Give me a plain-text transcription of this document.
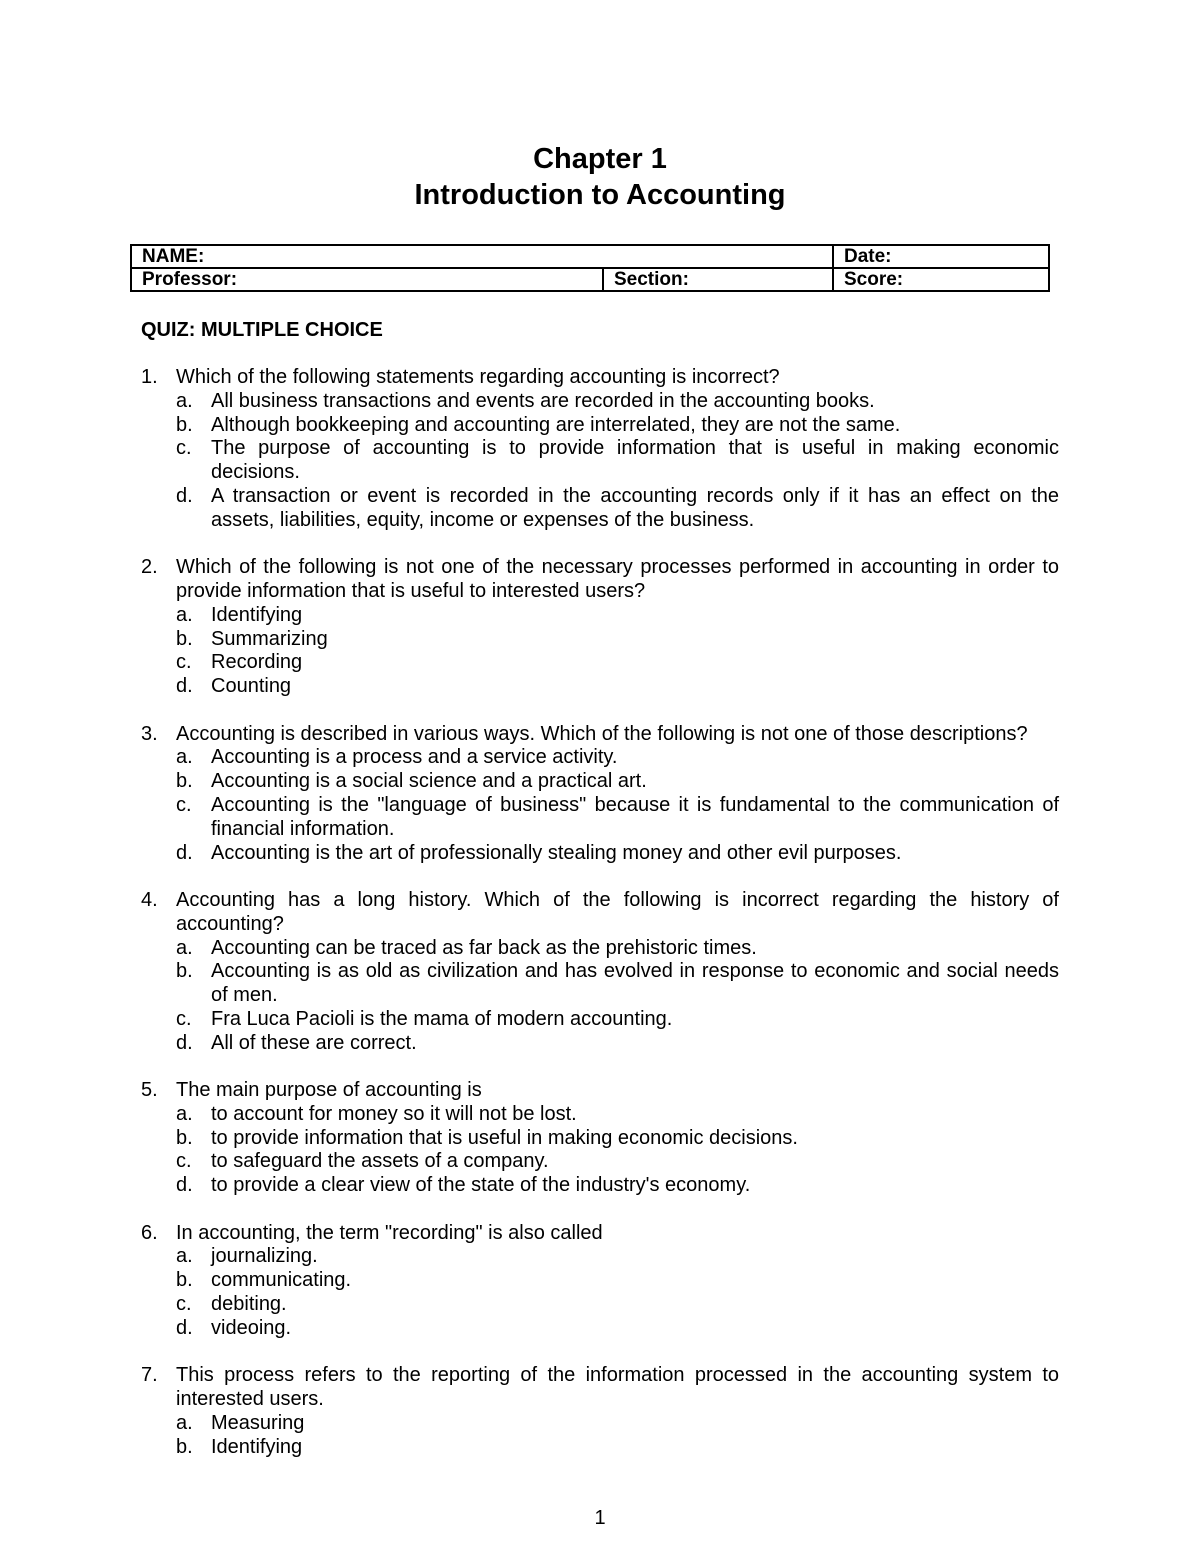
Chapter 1
Introduction to Accounting
NAME:		Date:
Professor:	Section:	Score:
QUIZ: MULTIPLE CHOICE
1. Which of the following statements regarding accounting is incorrect?
a. All business transactions and events are recorded in the accounting books.
b. Although bookkeeping and accounting are interrelated, they are not the same.
c. The purpose of accounting is to provide information that is useful in making economic decisions.
d. A transaction or event is recorded in the accounting records only if it has an effect on the assets, liabilities, equity, income or expenses of the business.
2. Which of the following is not one of the necessary processes performed in accounting in order to provide information that is useful to interested users?
a. Identifying
b. Summarizing
c. Recording
d. Counting
3. Accounting is described in various ways. Which of the following is not one of those descriptions?
a. Accounting is a process and a service activity.
b. Accounting is a social science and a practical art.
c. Accounting is the "language of business" because it is fundamental to the communication of financial information.
d. Accounting is the art of professionally stealing money and other evil purposes.
4. Accounting has a long history. Which of the following is incorrect regarding the history of accounting?
a. Accounting can be traced as far back as the prehistoric times.
b. Accounting is as old as civilization and has evolved in response to economic and social needs of men.
c. Fra Luca Pacioli is the mama of modern accounting.
d. All of these are correct.
5. The main purpose of accounting is
a. to account for money so it will not be lost.
b. to provide information that is useful in making economic decisions.
c. to safeguard the assets of a company.
d. to provide a clear view of the state of the industry's economy.
6. In accounting, the term "recording" is also called
a. journalizing.
b. communicating.
c. debiting.
d. videoing.
7. This process refers to the reporting of the information processed in the accounting system to interested users.
a. Measuring
b. Identifying
1
